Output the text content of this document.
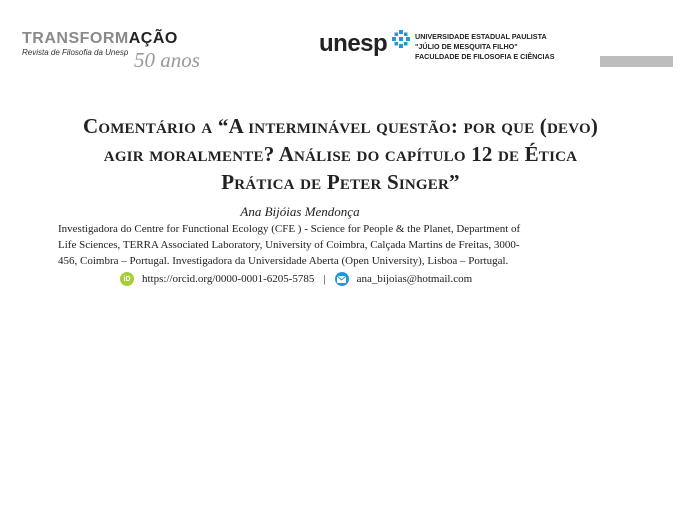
TRANSFORMAÇÃO
Revista de Filosofia da Unesp 50 anos
unesp	UNIVERSIDADE ESTADUAL PAULISTA
"JÚLIO DE MESQUITA FILHO"
FACULDADE DE FILOSOFIA E CIÊNCIAS
Comentário a “A interminável questão: por que (devo)
agir moralmente? Análise do capítulo 12 de Ética
Prática de Peter Singer”
Ana Bijóias Mendonça
Investigadora do Centre for Functional Ecology (CFE ) - Science for People & the Planet, Department of
Life Sciences, TERRA Associated Laboratory, University of Coimbra, Calçada Martins de Freitas, 3000-
456, Coimbra – Portugal. Investigadora da Universidade Aberta (Open University), Lisboa – Portugal.
iD	https://orcid.org/0000-0001-6205-5785 |	ana_bijoias@hotmail.com
